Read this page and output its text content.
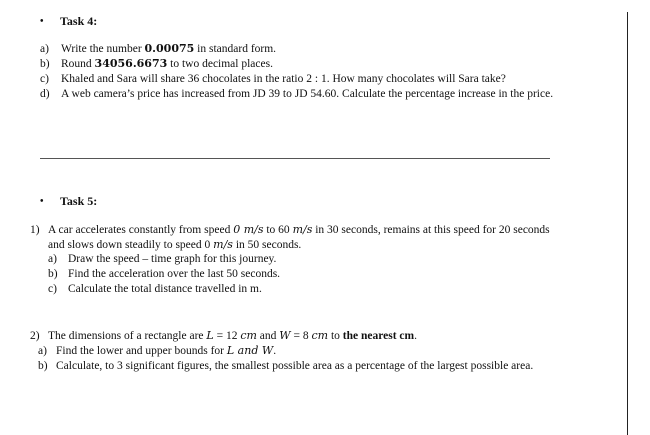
• Task 4:
a) Write the number 0.00075 in standard form.
b) Round 34056.6673 to two decimal places.
c) Khaled and Sara will share 36 chocolates in the ratio 2 : 1. How many chocolates will Sara take?
d) A web camera’s price has increased from JD 39 to JD 54.60. Calculate the percentage increase in the price.
• Task 5:
1) A car accelerates constantly from speed 0 m/s to 60 m/s in 30 seconds, remains at this speed for 20 seconds
and slows down steadily to speed 0 m/s in 50 seconds.
a) Draw the speed – time graph for this journey.
b) Find the acceleration over the last 50 seconds.
c) Calculate the total distance travelled in m.
2) The dimensions of a rectangle are L = 12 cm and W = 8 cm to the nearest cm.
a) Find the lower and upper bounds for L and W.
b) Calculate, to 3 significant figures, the smallest possible area as a percentage of the largest possible area.
